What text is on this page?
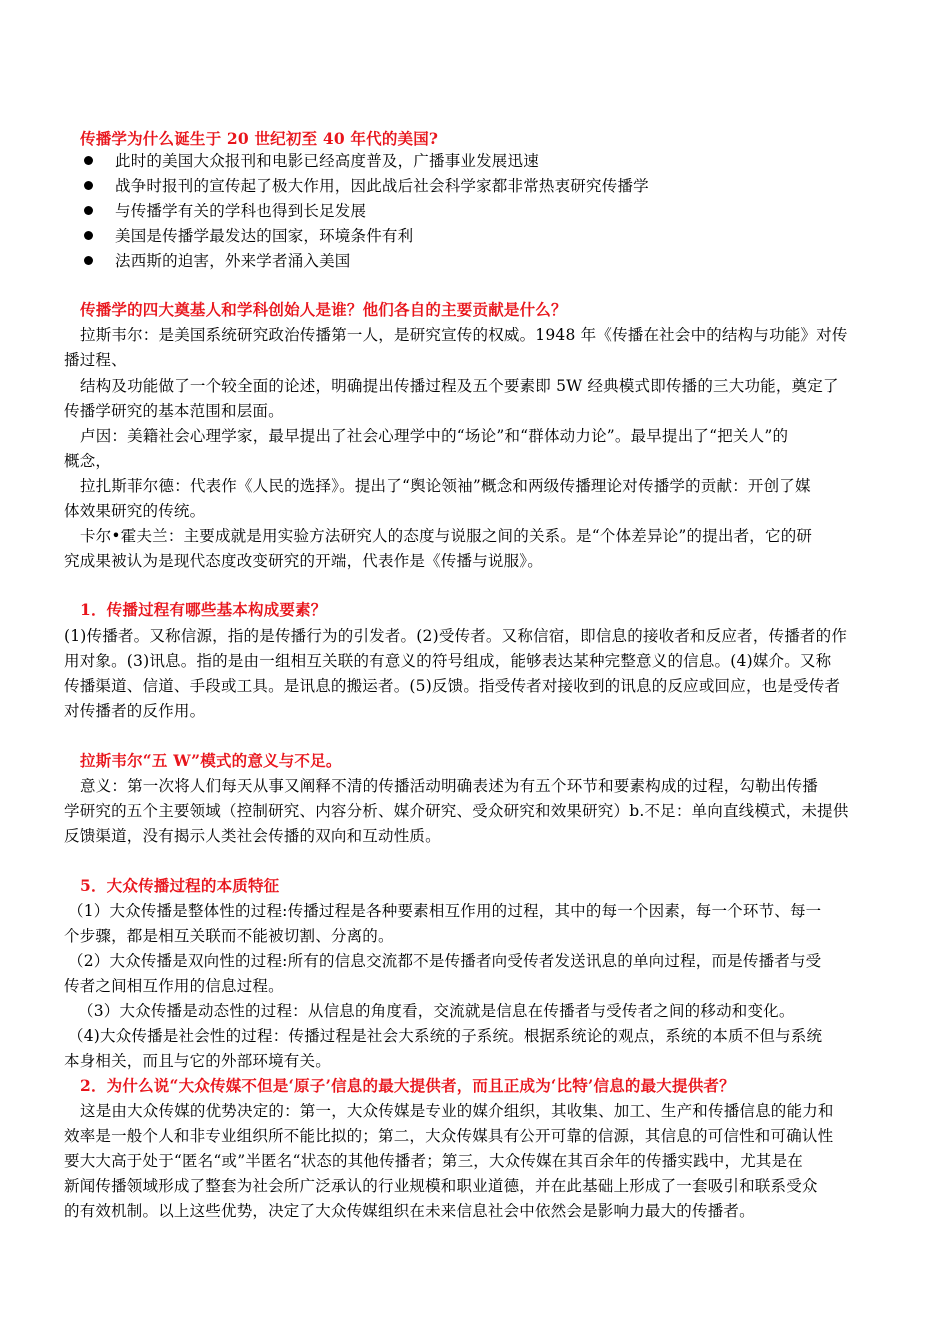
传播学为什么诞生于 20 世纪初至 40 年代的美国?
此时的美国大众报刊和电影已经高度普及，广播事业发展迅速
战争时报刊的宣传起了极大作用，因此战后社会科学家都非常热衷研究传播学
与传播学有关的学科也得到长足发展
美国是传播学最发达的国家，环境条件有利
法西斯的迫害，外来学者涌入美国
传播学的四大奠基人和学科创始人是谁？他们各自的主要贡献是什么？
拉斯韦尔：是美国系统研究政治传播第一人，是研究宣传的权威。1948 年《传播在社会中的结构与功能》对传
播过程、
结构及功能做了一个较全面的论述，明确提出传播过程及五个要素即 5W 经典模式即传播的三大功能，奠定了
传播学研究的基本范围和层面。
卢因：美籍社会心理学家，最早提出了社会心理学中的“场论”和“群体动力论”。最早提出了“把关人”的
概念，
拉扎斯菲尔德：代表作《人民的选择》。提出了“舆论领袖”概念和两级传播理论对传播学的贡献：开创了媒
体效果研究的传统。
卡尔•霍夫兰：主要成就是用实验方法研究人的态度与说服之间的关系。是“个体差异论”的提出者，它的研
究成果被认为是现代态度改变研究的开端，代表作是《传播与说服》。
1．传播过程有哪些基本构成要素？
(1)传播者。又称信源，指的是传播行为的引发者。(2)受传者。又称信宿，即信息的接收者和反应者，传播者的作
用对象。(3)讯息。指的是由一组相互关联的有意义的符号组成，能够表达某种完整意义的信息。(4)媒介。又称
传播渠道、信道、手段或工具。是讯息的搬运者。(5)反馈。指受传者对接收到的讯息的反应或回应，也是受传者
对传播者的反作用。
拉斯韦尔“五 W”模式的意义与不足。
意义：第一次将人们每天从事又阐释不清的传播活动明确表述为有五个环节和要素构成的过程，勾勒出传播
学研究的五个主要领域（控制研究、内容分析、媒介研究、受众研究和效果研究）b.不足：单向直线模式，未提供
反馈渠道，没有揭示人类社会传播的双向和互动性质。
5．大众传播过程的本质特征
（1）大众传播是整体性的过程:传播过程是各种要素相互作用的过程，其中的每一个因素，每一个环节、每一
个步骤，都是相互关联而不能被切割、分离的。
（2）大众传播是双向性的过程:所有的信息交流都不是传播者向受传者发送讯息的单向过程，而是传播者与受
传者之间相互作用的信息过程。
（3）大众传播是动态性的过程：从信息的角度看，交流就是信息在传播者与受传者之间的移动和变化。
（4)大众传播是社会性的过程：传播过程是社会大系统的子系统。根据系统论的观点，系统的本质不但与系统
本身相关，而且与它的外部环境有关。
2．为什么说“大众传媒不但是‘原子’信息的最大提供者，而且正成为‘比特’信息的最大提供者？
这是由大众传媒的优势决定的：第一，大众传媒是专业的媒介组织，其收集、加工、生产和传播信息的能力和
效率是一般个人和非专业组织所不能比拟的；第二，大众传媒具有公开可靠的信源，其信息的可信性和可确认性
要大大高于处于“匿名“或”半匿名“状态的其他传播者；第三，大众传媒在其百余年的传播实践中，尤其是在
新闻传播领域形成了整套为社会所广泛承认的行业规模和职业道德，并在此基础上形成了一套吸引和联系受众
的有效机制。以上这些优势，决定了大众传媒组织在未来信息社会中依然会是影响力最大的传播者。
